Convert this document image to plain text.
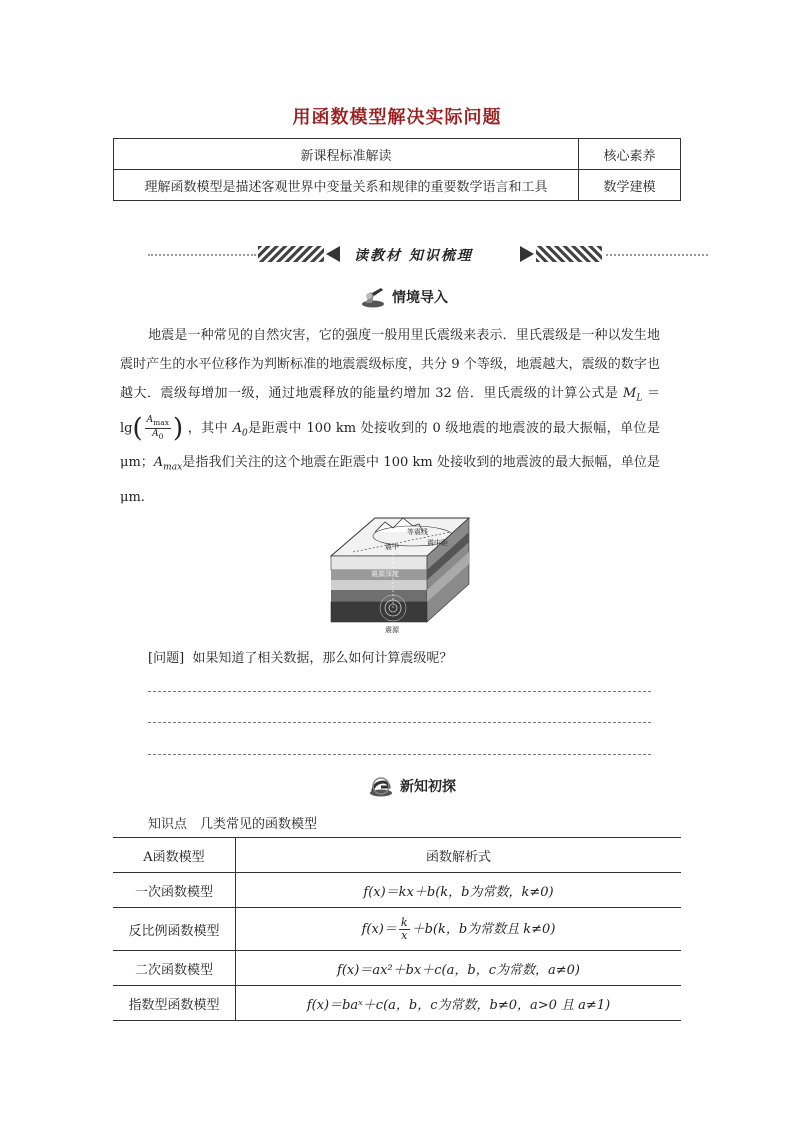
用函数模型解决实际问题
新课程标准解读	核心素养
理解函数模型是描述客观世界中变量关系和规律的重要数学语言和工具	数学建模
读教材 知识梳理
情境导入
地震是一种常见的自然灾害，它的强度一般用里氏震级来表示．里氏震级是一种以发生地震时产生的水平位移作为判断标准的地震震级标度，共分 9 个等级，地震越大，震级的数字也越大．震级每增加一级，通过地震释放的能量约增加 32 倍．里氏震级的计算公式是 $M_L =\lg( \frac{A_{max}}{A_0}$ ) ，其中 $A_0$是距震中 100 km 处接收到的 0 级地震的地震波的最大振幅，单位是 μm；$A_{max}$是指我们关注的这个地震在距震中 100 km 处接收到的地震波的最大振幅，单位是 μm.
等震线
震中	震中距
震源深度
震源
[问题] 如果知道了相关数据，那么如何计算震级呢？
新知初探
知识点　几类常见的函数模型
A函数模型	函数解析式
一次函数模型	f(x)＝kx＋b(k，b为常数，k≠0)
反比例函数模型	$f(x)= \frac{k}{x} +b(k$，b为常数且 k≠0)
二次函数模型	f(x)＝ax²＋bx＋c(a，b，c为常数，a≠0)
指数型函数模型	f(x)＝baˣ＋c(a，b，c为常数，b≠0，a>0 且 a≠1)
